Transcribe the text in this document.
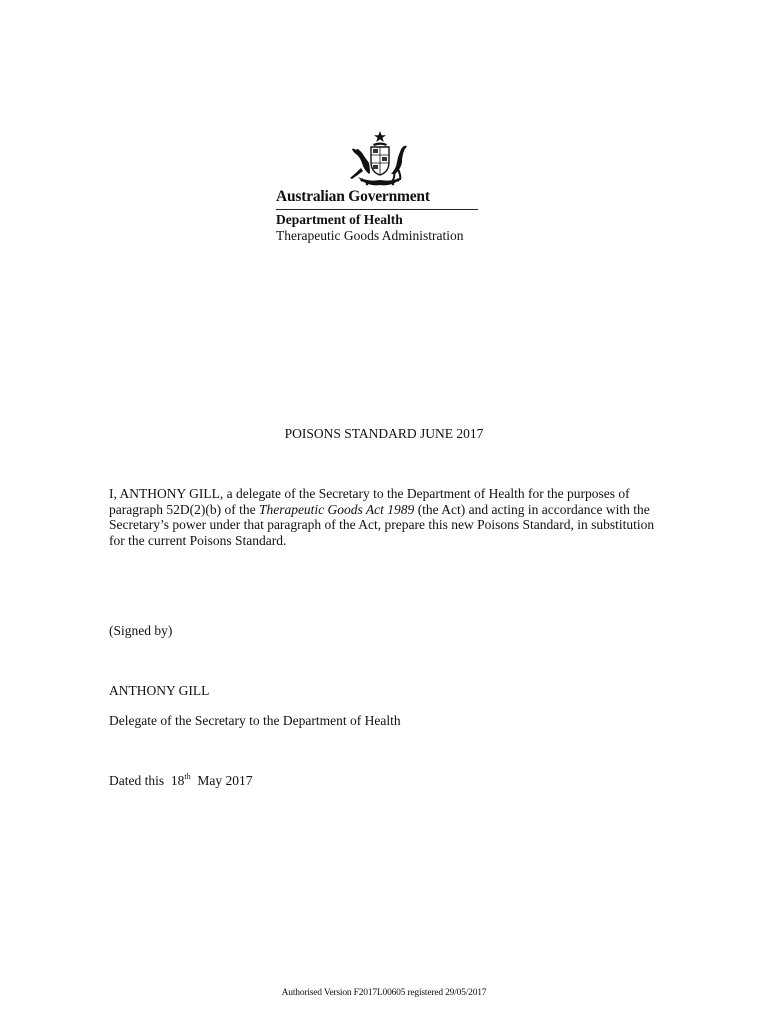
Australian Government
Department of Health
Therapeutic Goods Administration
POISONS STANDARD JUNE 2017
I, ANTHONY GILL, a delegate of the Secretary to the Department of Health for the purposes of paragraph 52D(2)(b) of the Therapeutic Goods Act 1989 (the Act) and acting in accordance with the Secretary’s power under that paragraph of the Act, prepare this new Poisons Standard, in substitution for the current Poisons Standard.
(Signed by)
ANTHONY GILL
Delegate of the Secretary to the Department of Health
Dated this  18th  May 2017
Authorised Version F2017L00605 registered 29/05/2017
